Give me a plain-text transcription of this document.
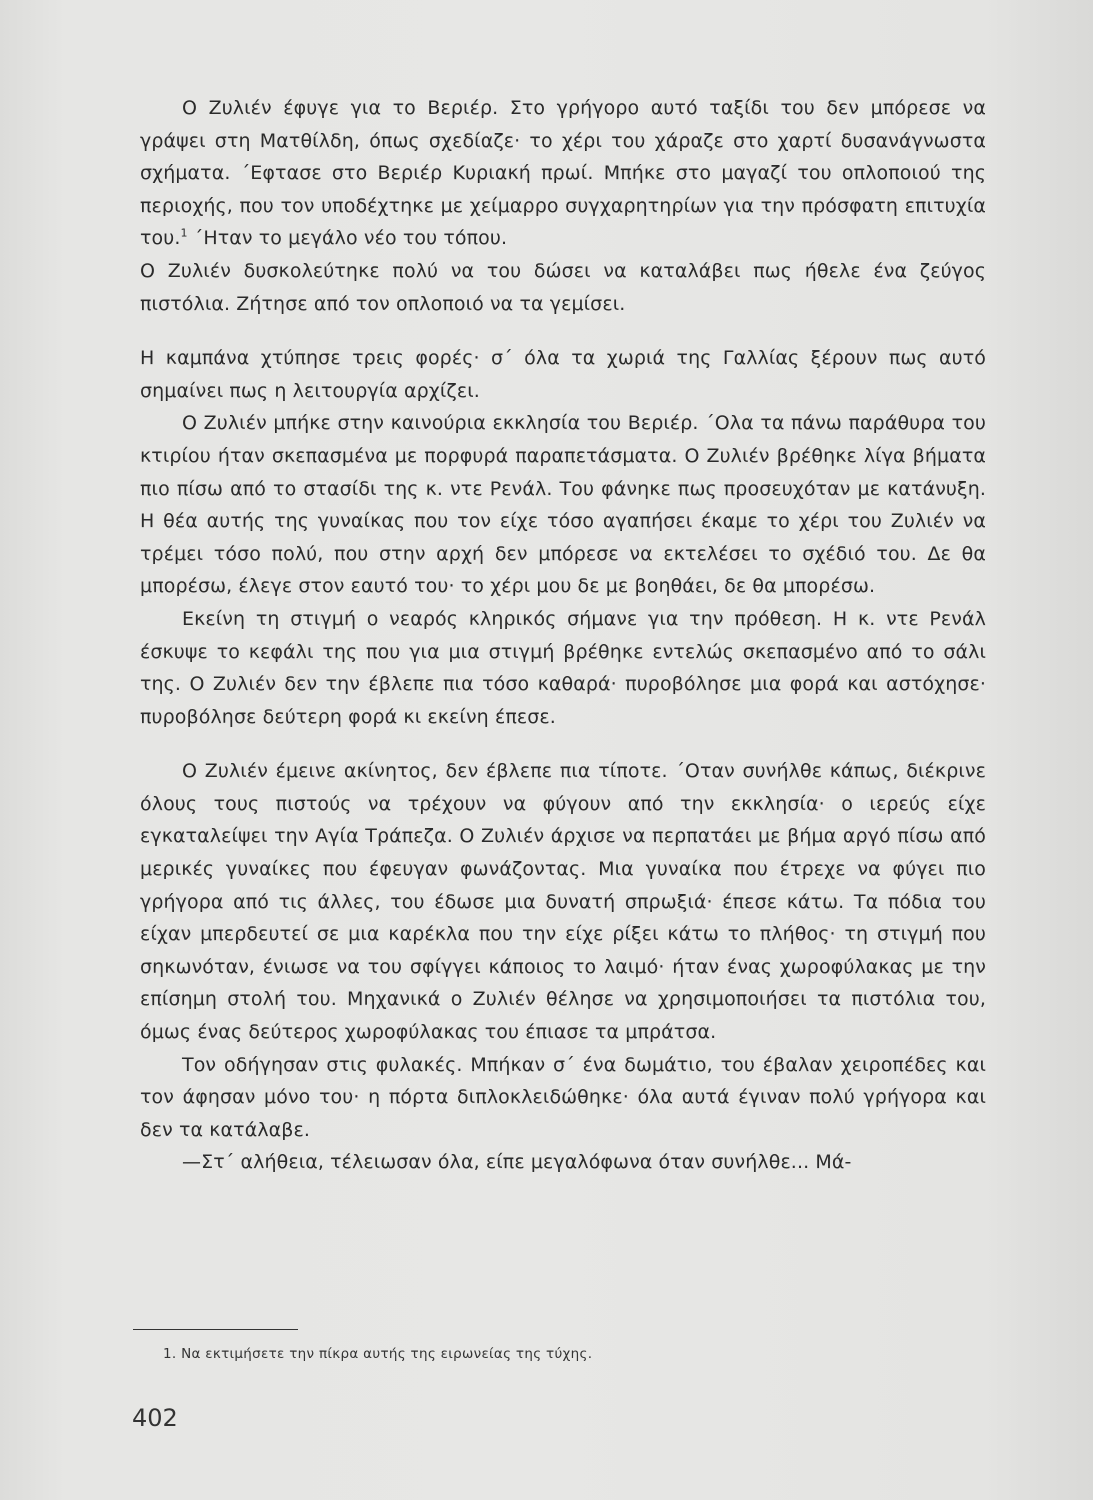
Ο Ζυλιέν έφυγε για το Βεριέρ. Στο γρήγορο αυτό ταξίδι του δεν μπόρεσε να γράψει στη Ματθίλδη, όπως σχεδίαζε· το χέρι του χάραζε στο χαρτί δυσανάγνωστα σχήματα. ΄Εφτασε στο Βεριέρ Κυριακή πρωί. Μπήκε στο μαγαζί του οπλοποιού της περιοχής, που τον υποδέχτηκε με χείμαρρο συγχαρητηρίων για την πρόσφατη επιτυχία του.$^1$ ΄Ηταν το μεγάλο νέο του τόπου.

Ο Ζυλιέν δυσκολεύτηκε πολύ να του δώσει να καταλάβει πως ήθελε ένα ζεύγος πιστόλια. Ζήτησε από τον οπλοποιό να τα γεμίσει.

Η καμπάνα χτύπησε τρεις φορές· σ΄ όλα τα χωριά της Γαλλίας ξέρουν πως αυτό σημαίνει πως η λειτουργία αρχίζει.

Ο Ζυλιέν μπήκε στην καινούρια εκκλησία του Βεριέρ. ΄Ολα τα πάνω παράθυρα του κτιρίου ήταν σκεπασμένα με πορφυρά παραπετάσματα. Ο Ζυλιέν βρέθηκε λίγα βήματα πιο πίσω από το στασίδι της κ. ντε Ρενάλ. Του φάνηκε πως προσευχόταν με κατάνυξη. Η θέα αυτής της γυναίκας που τον είχε τόσο αγαπήσει έκαμε το χέρι του Ζυλιέν να τρέμει τόσο πολύ, που στην αρχή δεν μπόρεσε να εκτελέσει το σχέδιό του. Δε θα μπορέσω, έλεγε στον εαυτό του· το χέρι μου δε με βοηθάει, δε θα μπορέσω.

Εκείνη τη στιγμή ο νεαρός κληρικός σήμανε για την πρόθεση. Η κ. ντε Ρενάλ έσκυψε το κεφάλι της που για μια στιγμή βρέθηκε εντελώς σκεπασμένο από το σάλι της. Ο Ζυλιέν δεν την έβλεπε πια τόσο καθαρά· πυροβόλησε μια φορά και αστόχησε· πυροβόλησε δεύτερη φορά κι εκείνη έπεσε.

Ο Ζυλιέν έμεινε ακίνητος, δεν έβλεπε πια τίποτε. ΄Οταν συνήλθε κάπως, διέκρινε όλους τους πιστούς να τρέχουν να φύγουν από την εκκλησία· ο ιερεύς είχε εγκαταλείψει την Αγία Τράπεζα. Ο Ζυλιέν άρχισε να περπατάει με βήμα αργό πίσω από μερικές γυναίκες που έφευγαν φωνάζοντας. Μια γυναίκα που έτρεχε να φύγει πιο γρήγορα από τις άλλες, του έδωσε μια δυνατή σπρωξιά· έπεσε κάτω. Τα πόδια του είχαν μπερδευτεί σε μια καρέκλα που την είχε ρίξει κάτω το πλήθος· τη στιγμή που σηκωνόταν, ένιωσε να του σφίγγει κάποιος το λαιμό· ήταν ένας χωροφύλακας με την επίσημη στολή του. Μηχανικά ο Ζυλιέν θέλησε να χρησιμοποιήσει τα πιστόλια του, όμως ένας δεύτερος χωροφύλακας του έπιασε τα μπράτσα.

Τον οδήγησαν στις φυλακές. Μπήκαν σ΄ ένα δωμάτιο, του έβαλαν χειροπέδες και τον άφησαν μόνο του· η πόρτα διπλοκλειδώθηκε· όλα αυτά έγιναν πολύ γρήγορα και δεν τα κατάλαβε.

—Στ΄ αλήθεια, τέλειωσαν όλα, είπε μεγαλόφωνα όταν συνήλθε... Μά-

1. Να εκτιμήσετε την πίκρα αυτής της ειρωνείας της τύχης.
402
